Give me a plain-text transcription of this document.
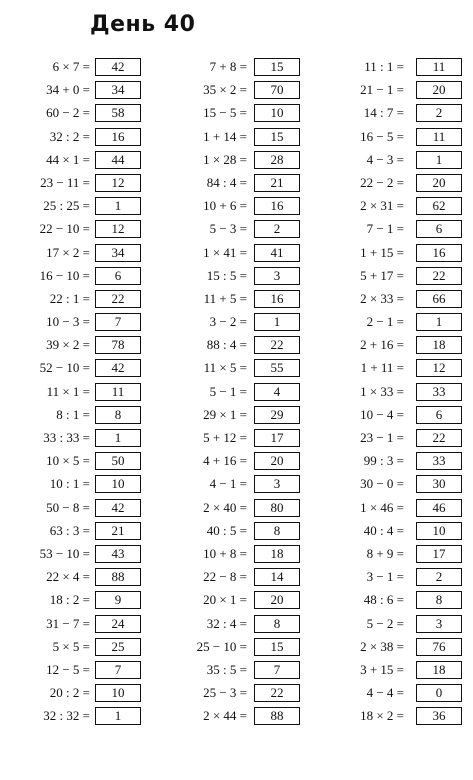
День 40
6 × 7 =	42
34 + 0 =	34
60 − 2 =	58
32 : 2 =	16
44 × 1 =	44
23 − 11 =	12
25 : 25 =	1
22 − 10 =	12
17 × 2 =	34
16 − 10 =	6
22 : 1 =	22
10 − 3 =	7
39 × 2 =	78
52 − 10 =	42
11 × 1 =	11
8 : 1 =	8
33 : 33 =	1
10 × 5 =	50
10 : 1 =	10
50 − 8 =	42
63 : 3 =	21
53 − 10 =	43
22 × 4 =	88
18 : 2 =	9
31 − 7 =	24
5 × 5 =	25
12 − 5 =	7
20 : 2 =	10
32 : 32 =	1
7 + 8 =	15
35 × 2 =	70
15 − 5 =	10
1 + 14 =	15
1 × 28 =	28
84 : 4 =	21
10 + 6 =	16
5 − 3 =	2
1 × 41 =	41
15 : 5 =	3
11 + 5 =	16
3 − 2 =	1
88 : 4 =	22
11 × 5 =	55
5 − 1 =	4
29 × 1 =	29
5 + 12 =	17
4 + 16 =	20
4 − 1 =	3
2 × 40 =	80
40 : 5 =	8
10 + 8 =	18
22 − 8 =	14
20 × 1 =	20
32 : 4 =	8
25 − 10 =	15
35 : 5 =	7
25 − 3 =	22
2 × 44 =	88
11 : 1 =	11
21 − 1 =	20
14 : 7 =	2
16 − 5 =	11
4 − 3 =	1
22 − 2 =	20
2 × 31 =	62
7 − 1 =	6
1 + 15 =	16
5 + 17 =	22
2 × 33 =	66
2 − 1 =	1
2 + 16 =	18
1 + 11 =	12
1 × 33 =	33
10 − 4 =	6
23 − 1 =	22
99 : 3 =	33
30 − 0 =	30
1 × 46 =	46
40 : 4 =	10
8 + 9 =	17
3 − 1 =	2
48 : 6 =	8
5 − 2 =	3
2 × 38 =	76
3 + 15 =	18
4 − 4 =	0
18 × 2 =	36
